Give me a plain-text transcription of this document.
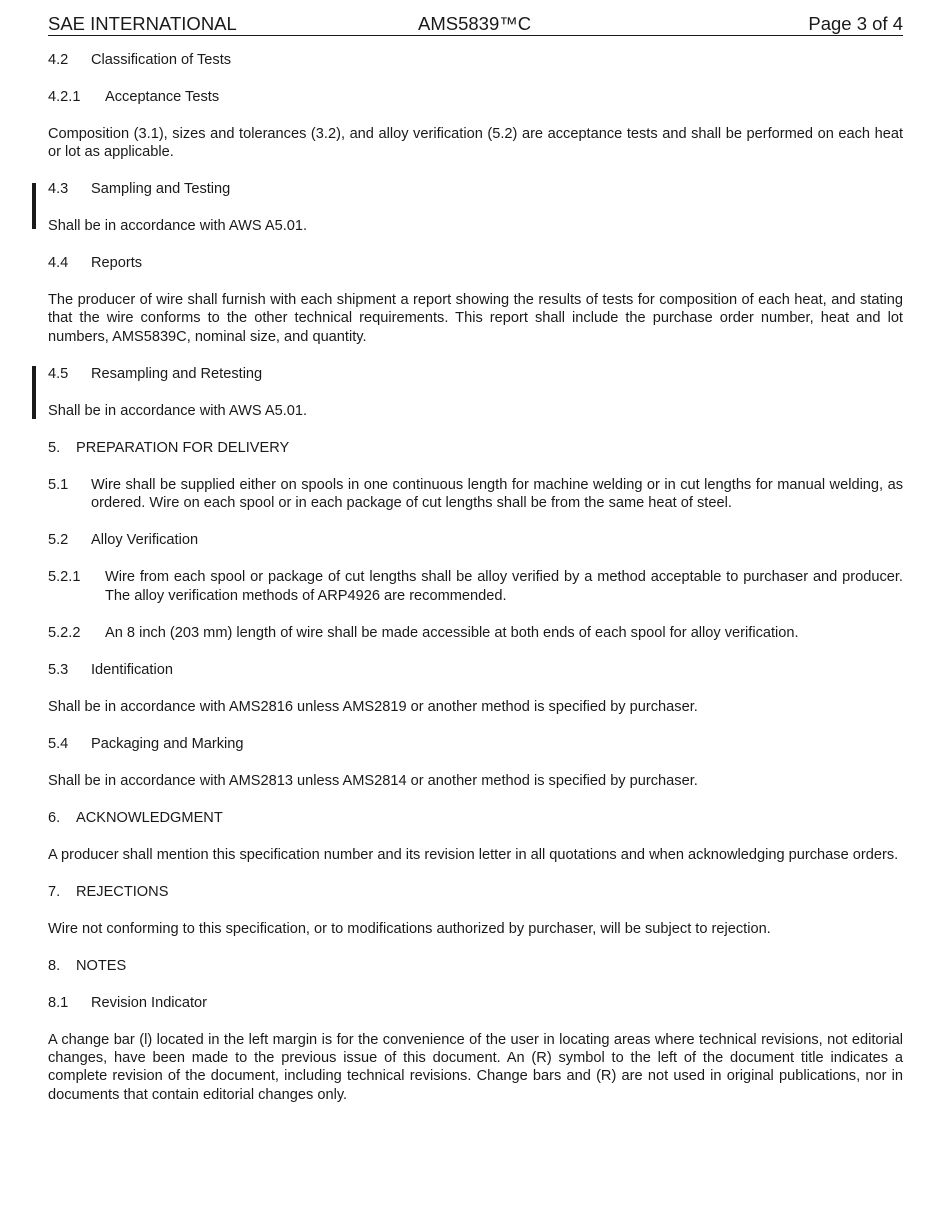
SAE INTERNATIONAL	AMS5839™C	Page 3 of 4

4.2	Classification of Tests

4.2.1	Acceptance Tests

Composition (3.1), sizes and tolerances (3.2), and alloy verification (5.2) are acceptance tests and shall be performed on each heat or lot as applicable.

4.3	Sampling and Testing

Shall be in accordance with AWS A5.01.

4.4	Reports

The producer of wire shall furnish with each shipment a report showing the results of tests for composition of each heat, and stating that the wire conforms to the other technical requirements. This report shall include the purchase order number, heat and lot numbers, AMS5839C, nominal size, and quantity.

4.5	Resampling and Retesting

Shall be in accordance with AWS A5.01.

5.	PREPARATION FOR DELIVERY

5.1	Wire shall be supplied either on spools in one continuous length for machine welding or in cut lengths for manual welding, as ordered. Wire on each spool or in each package of cut lengths shall be from the same heat of steel.

5.2	Alloy Verification

5.2.1	Wire from each spool or package of cut lengths shall be alloy verified by a method acceptable to purchaser and producer. The alloy verification methods of ARP4926 are recommended.
5.2.2	An 8 inch (203 mm) length of wire shall be made accessible at both ends of each spool for alloy verification.

5.3	Identification

Shall be in accordance with AMS2816 unless AMS2819 or another method is specified by purchaser.

5.4	Packaging and Marking

Shall be in accordance with AMS2813 unless AMS2814 or another method is specified by purchaser.

6.	ACKNOWLEDGMENT

A producer shall mention this specification number and its revision letter in all quotations and when acknowledging purchase orders.

7.	REJECTIONS

Wire not conforming to this specification, or to modifications authorized by purchaser, will be subject to rejection.

8.	NOTES

8.1	Revision Indicator

A change bar (l) located in the left margin is for the convenience of the user in locating areas where technical revisions, not editorial changes, have been made to the previous issue of this document. An (R) symbol to the left of the document title indicates a complete revision of the document, including technical revisions. Change bars and (R) are not used in original publications, nor in documents that contain editorial changes only.
